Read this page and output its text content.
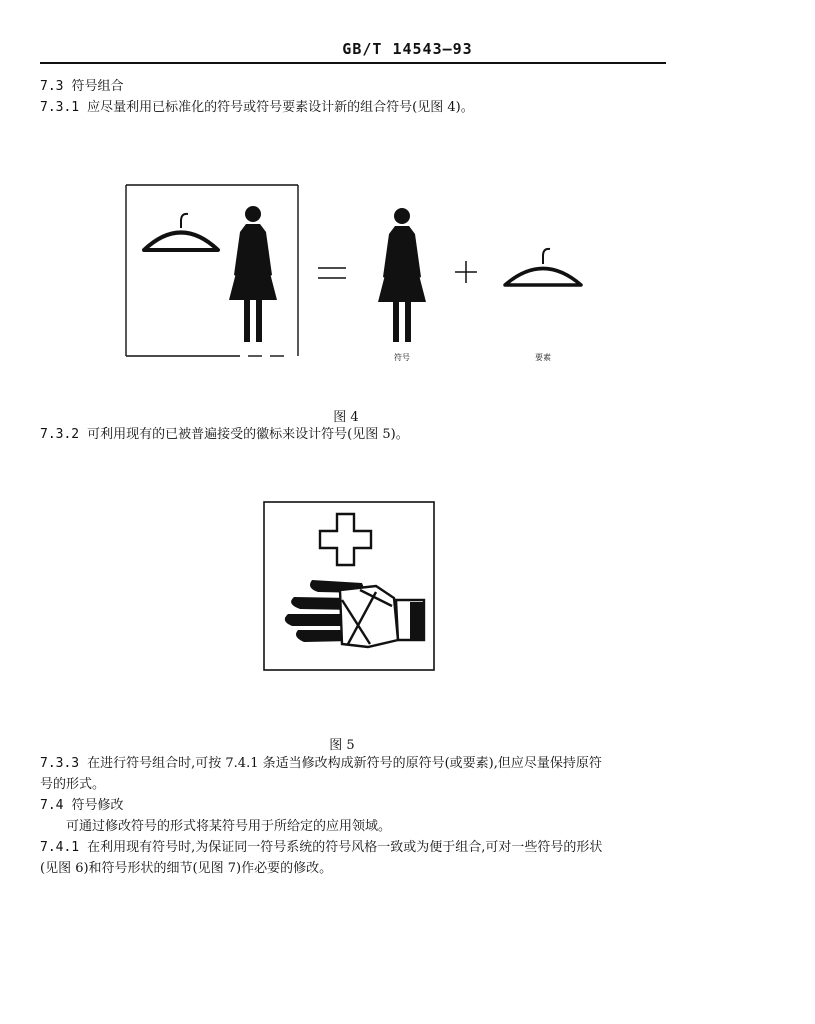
GB/T 14543—93
7.3 符号组合
7.3.1 应尽量利用已标准化的符号或符号要素设计新的组合符号(见图 4)。
符号	要素
图 4
7.3.2 可利用现有的已被普遍接受的徽标来设计符号(见图 5)。
图 5
7.3.3 在进行符号组合时,可按 7.4.1 条适当修改构成新符号的原符号(或要素),但应尽量保持原符
号的形式。
7.4 符号修改
可通过修改符号的形式将某符号用于所给定的应用领域。
7.4.1 在利用现有符号时,为保证同一符号系统的符号风格一致或为便于组合,可对一些符号的形状
(见图 6)和符号形状的细节(见图 7)作必要的修改。
